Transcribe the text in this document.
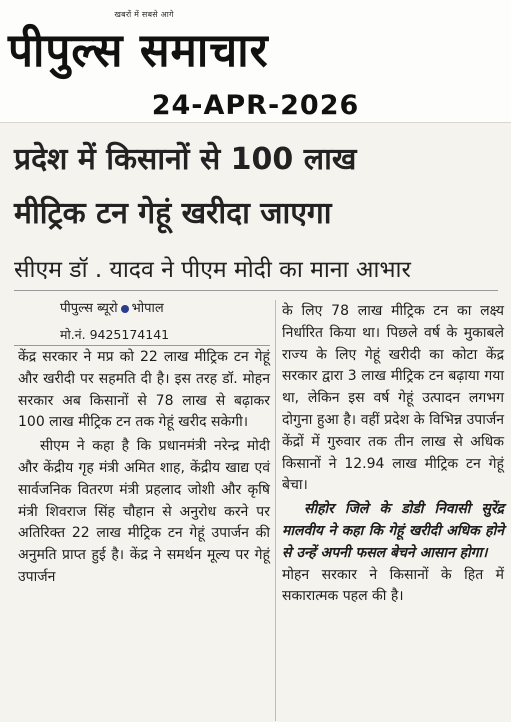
खबरों में सबसे आगे
पीपुल्स समाचार
24-APR-2026
प्रदेश में किसानों से 100 लाख
मीट्रिक टन गेहूं खरीदा जाएगा
सीएम डॉ . यादव ने पीएम मोदी का माना आभार
पीपुल्स ब्यूरो भोपाल
मो.नं. 9425174141

केंद्र सरकार ने मप्र को 22 लाख मीट्रिक टन गेहूं और खरीदी पर सहमति दी है। इस तरह डॉ. मोहन सरकार अब किसानों से 78 लाख से बढ़ाकर 100 लाख मीट्रिक टन तक गेहूं खरीद सकेगी।

सीएम ने कहा है कि प्रधानमंत्री नरेन्द्र मोदी और केंद्रीय गृह मंत्री अमित शाह, केंद्रीय खाद्य एवं सार्वजनिक वितरण मंत्री प्रहलाद जोशी और कृषि मंत्री शिवराज सिंह चौहान से अनुरोध करने पर अतिरिक्त 22 लाख मीट्रिक टन गेहूं उपार्जन की अनुमति प्राप्त हुई है। केंद्र ने समर्थन मूल्य पर गेहूं उपार्जन

के लिए 78 लाख मीट्रिक टन का लक्ष्य निर्धारित किया था। पिछले वर्ष के मुकाबले राज्य के लिए गेहूं खरीदी का कोटा केंद्र सरकार द्वारा 3 लाख मीट्रिक टन बढ़ाया गया था, लेकिन इस वर्ष गेहूं उत्पादन लगभग दोगुना हुआ है। वहीं प्रदेश के विभिन्न उपार्जन केंद्रों में गुरुवार तक तीन लाख से अधिक किसानों ने 12.94 लाख मीट्रिक टन गेहूं बेचा।

सीहोर जिले के डोडी निवासी सुरेंद्र मालवीय ने कहा कि गेहूं खरीदी अधिक होने से उन्हें अपनी फसल बेचने आसान होगा।

मोहन सरकार ने किसानों के हित में सकारात्मक पहल की है।
